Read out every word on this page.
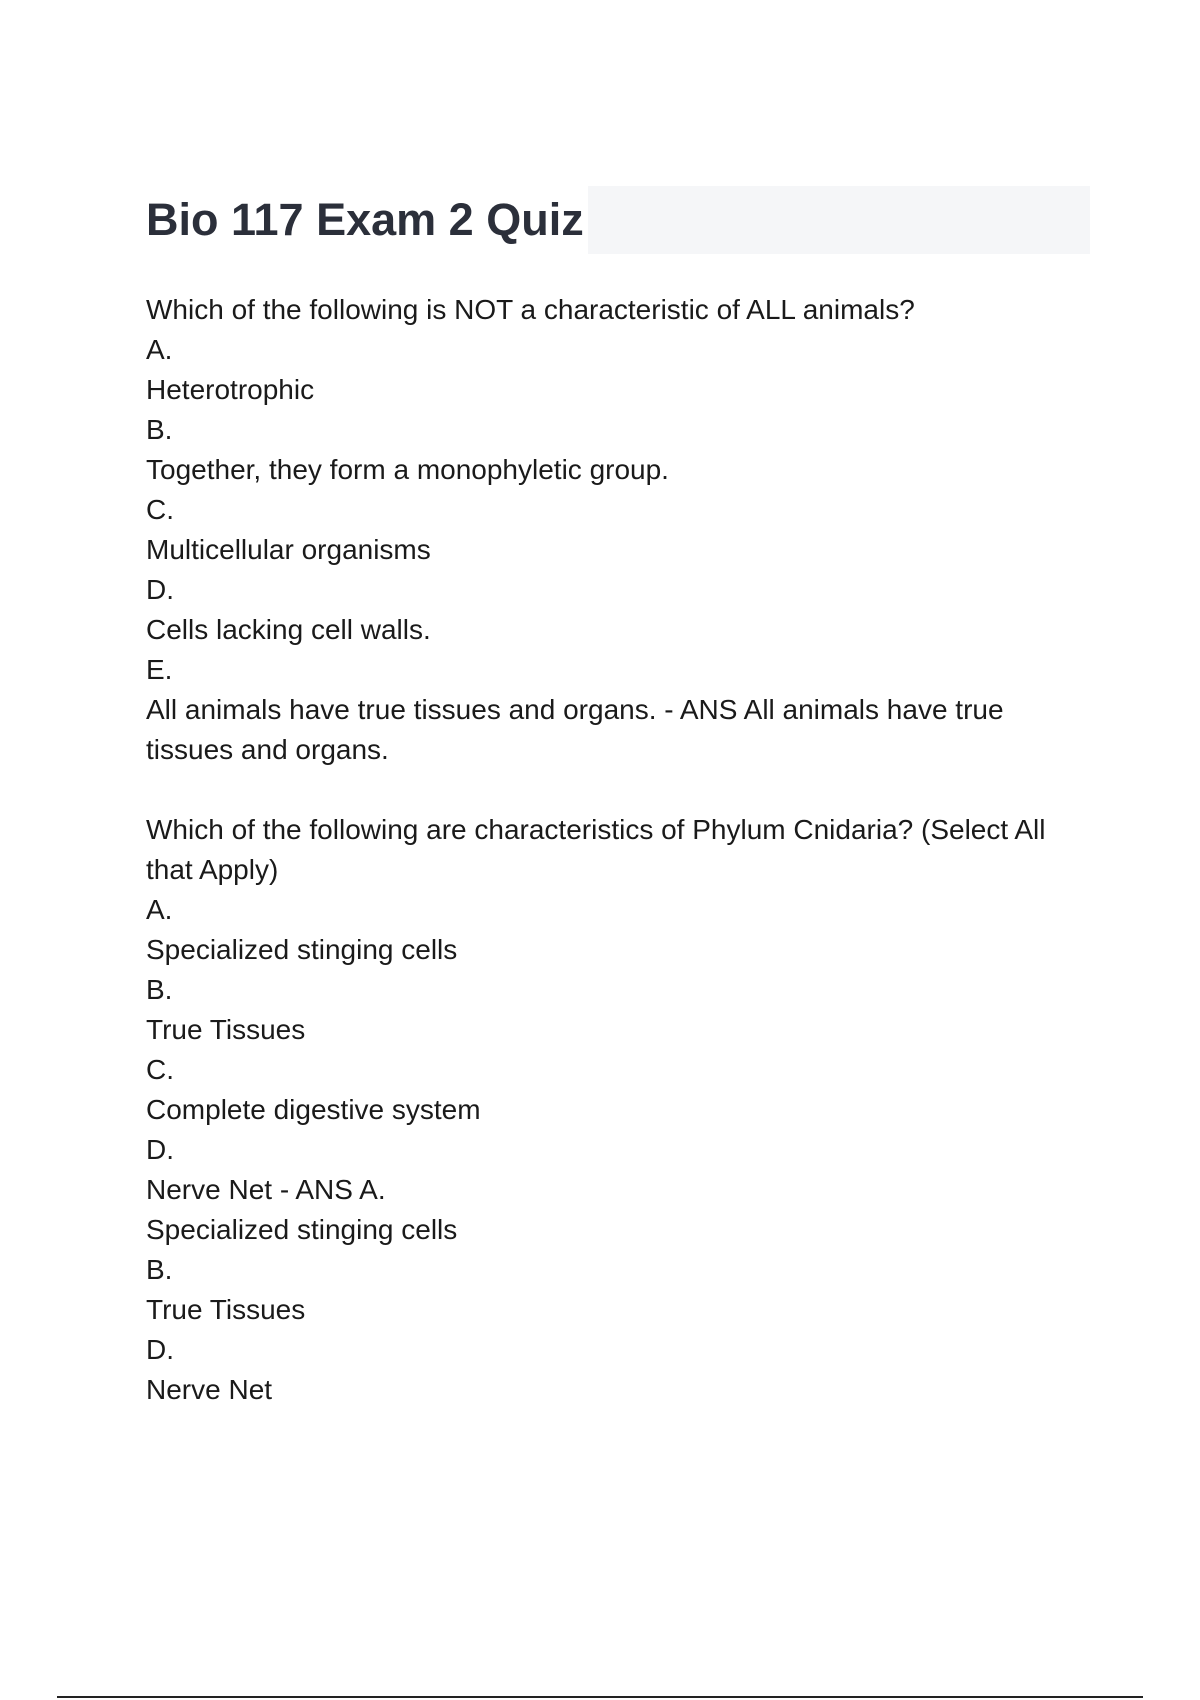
Bio 117 Exam 2 Quiz

Which of the following is NOT a characteristic of ALL animals?

A.

Heterotrophic

B.

Together, they form a monophyletic group.

C.

Multicellular organisms

D.

Cells lacking cell walls.

E.

All animals have true tissues and organs. - ANS All animals have true tissues and organs.

Which of the following are characteristics of Phylum Cnidaria? (Select All that Apply)

A.

Specialized stinging cells

B.

True Tissues

C.

Complete digestive system

D.

Nerve Net - ANS A.

Specialized stinging cells

B.

True Tissues

D.

Nerve Net
